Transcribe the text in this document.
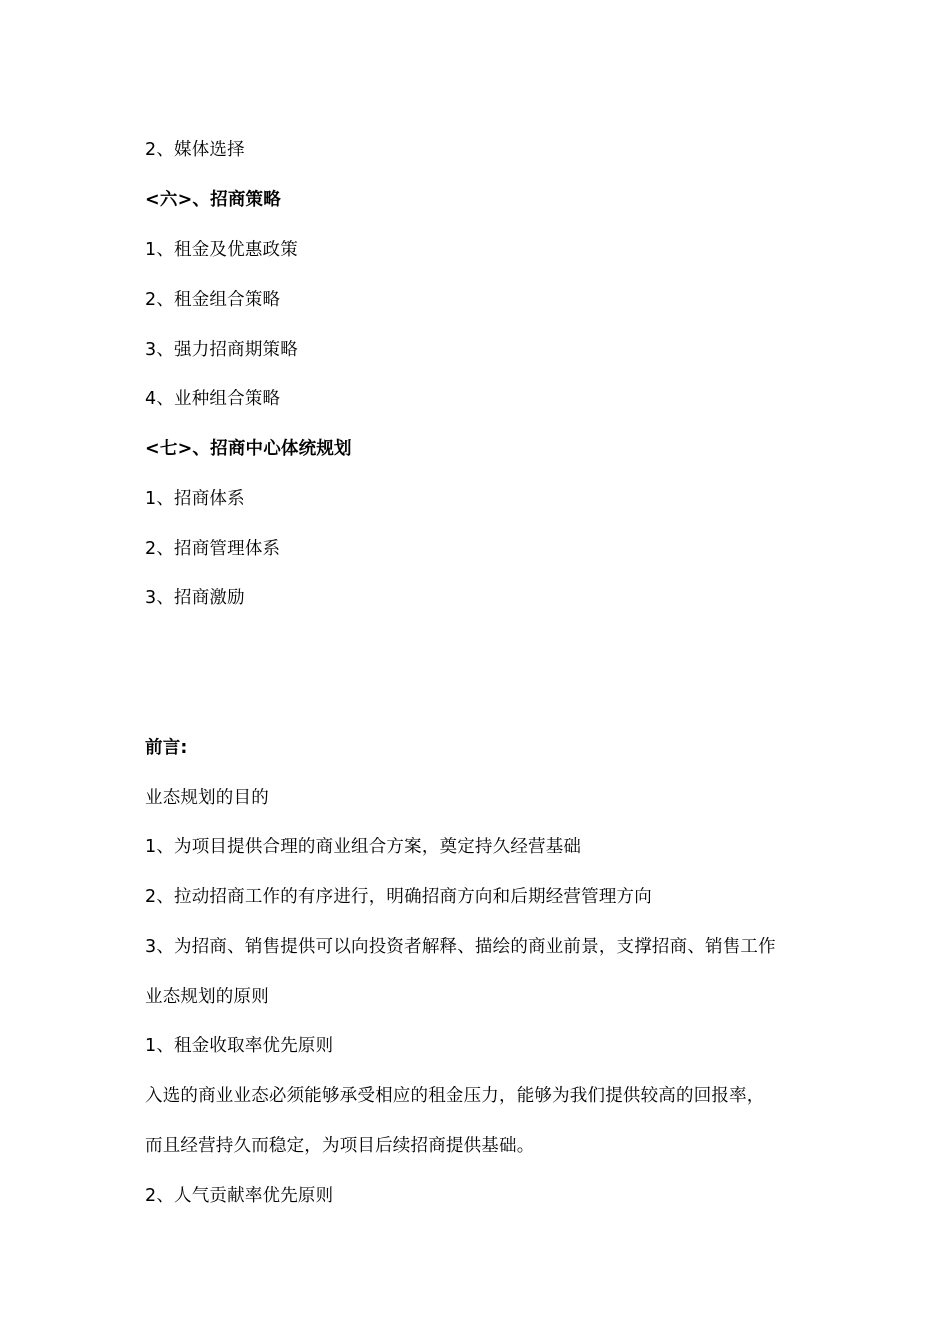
2、媒体选择
<六>、招商策略
1、租金及优惠政策
2、租金组合策略
3、强力招商期策略
4、业种组合策略
<七>、招商中心体统规划
1、招商体系
2、招商管理体系
3、招商激励
前言:
业态规划的目的
1、为项目提供合理的商业组合方案，奠定持久经营基础
2、拉动招商工作的有序进行，明确招商方向和后期经营管理方向
3、为招商、销售提供可以向投资者解释、描绘的商业前景，支撑招商、销售工作
业态规划的原则
1、租金收取率优先原则
入选的商业业态必须能够承受相应的租金压力，能够为我们提供较高的回报率，
而且经营持久而稳定，为项目后续招商提供基础。
2、人气贡献率优先原则
